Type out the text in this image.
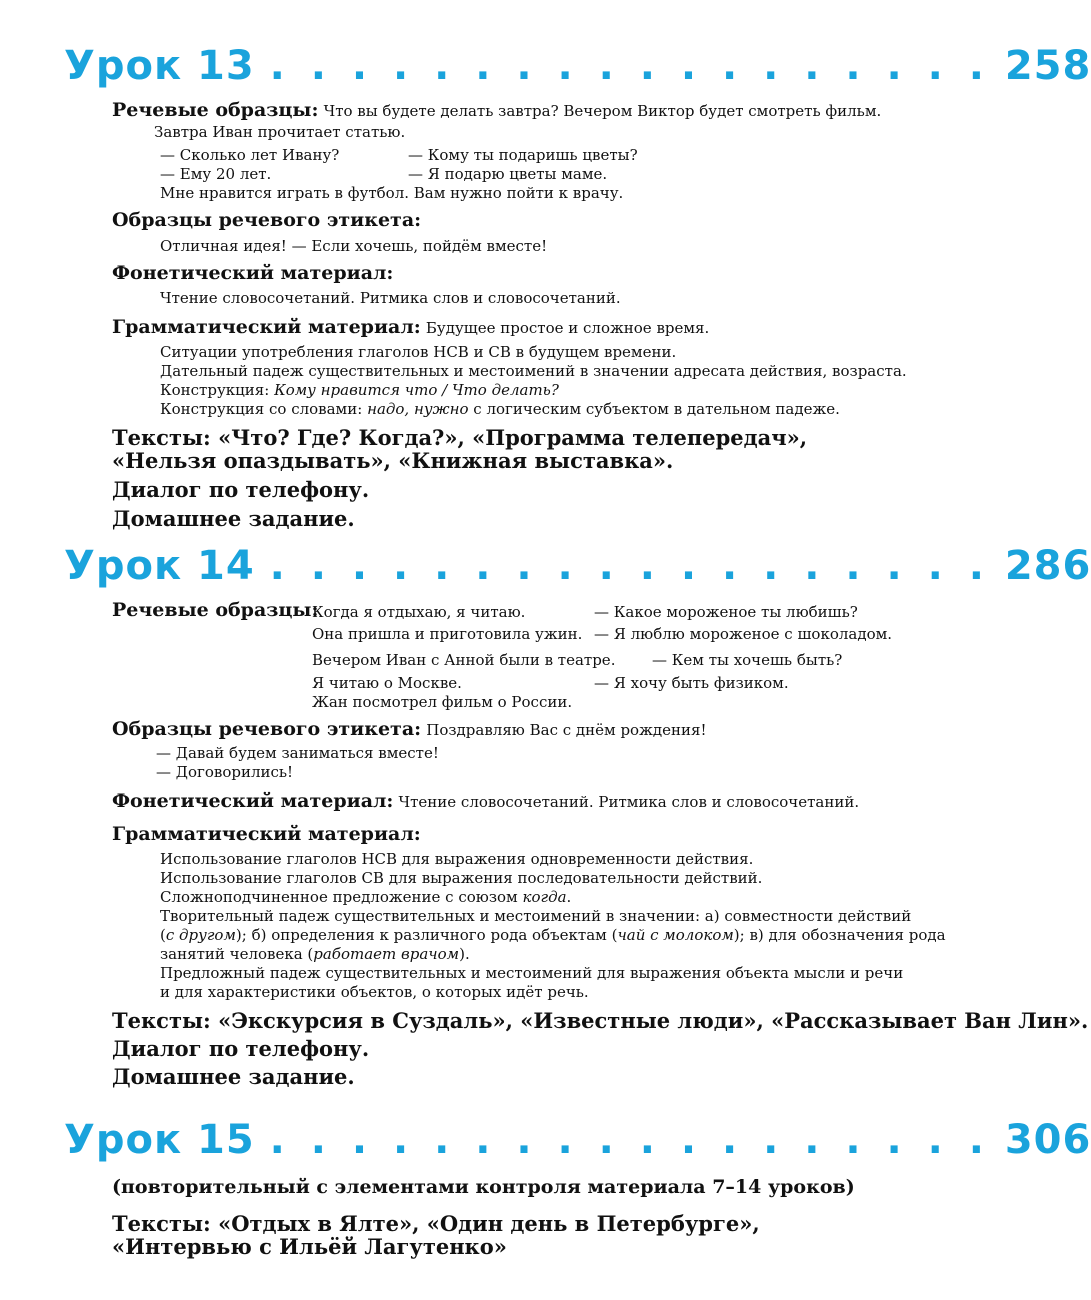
Урок 13 . . . . . . . . . . . . . . . . . . 258
Речевые образцы: Что вы будете делать завтра? Вечером Виктор будет смотреть фильм.
Завтра Иван прочитает статью.
— Сколько лет Ивану?
— Ему 20 лет.
— Кому ты подаришь цветы?
— Я подарю цветы маме.
Мне нравится играть в футбол. Вам нужно пойти к врачу.
Образцы речевого этикета:
Отличная идея! — Если хочешь, пойдём вместе!
Фонетический материал:
Чтение словосочетаний. Ритмика слов и словосочетаний.
Грамматический материал: Будущее простое и сложное время.
Ситуации употребления глаголов НСВ и СВ в будущем времени.
Дательный падеж существительных и местоимений в значении адресата действия, возраста.
Конструкция: Кому нравится что / Что делать?
Конструкция со словами: надо, нужно с логическим субъектом в дательном падеже.
Тексты: «Что? Где? Когда?», «Программа телепередач»,
«Нельзя опаздывать», «Книжная выставка».
Диалог по телефону.
Домашнее задание.
Урок 14 . . . . . . . . . . . . . . . . . . 286
Речевые образцы:
Когда я отдыхаю, я читаю.	— Какое мороженое ты любишь?
Она пришла и приготовила ужин. — Я люблю мороженое с шоколадом.
Вечером Иван с Анной были в театре. — Кем ты хочешь быть?
Я читаю о Москве.	— Я хочу быть физиком.
Жан посмотрел фильм о России.
Образцы речевого этикета: Поздравляю Вас с днём рождения!
— Давай будем заниматься вместе!
— Договорились!
Фонетический материал: Чтение словосочетаний. Ритмика слов и словосочетаний.
Грамматический материал:
Использование глаголов НСВ для выражения одновременности действия.
Использование глаголов СВ для выражения последовательности действий.
Сложноподчиненное предложение с союзом когда.
Творительный падеж существительных и местоимений в значении: а) совместности действий
(с другом); б) определения к различного рода объектам (чай с молоком); в) для обозначения рода
занятий человека (работает врачом).
Предложный падеж существительных и местоимений для выражения объекта мысли и речи
и для характеристики объектов, о которых идёт речь.
Тексты: «Экскурсия в Суздаль», «Известные люди», «Рассказывает Ван Лин».
Диалог по телефону.
Домашнее задание.
Урок 15 . . . . . . . . . . . . . . . . . . 306
(повторительный с элементами контроля материала 7–14 уроков)
Тексты: «Отдых в Ялте», «Один день в Петербурге»,
«Интервью с Ильёй Лагутенко»
